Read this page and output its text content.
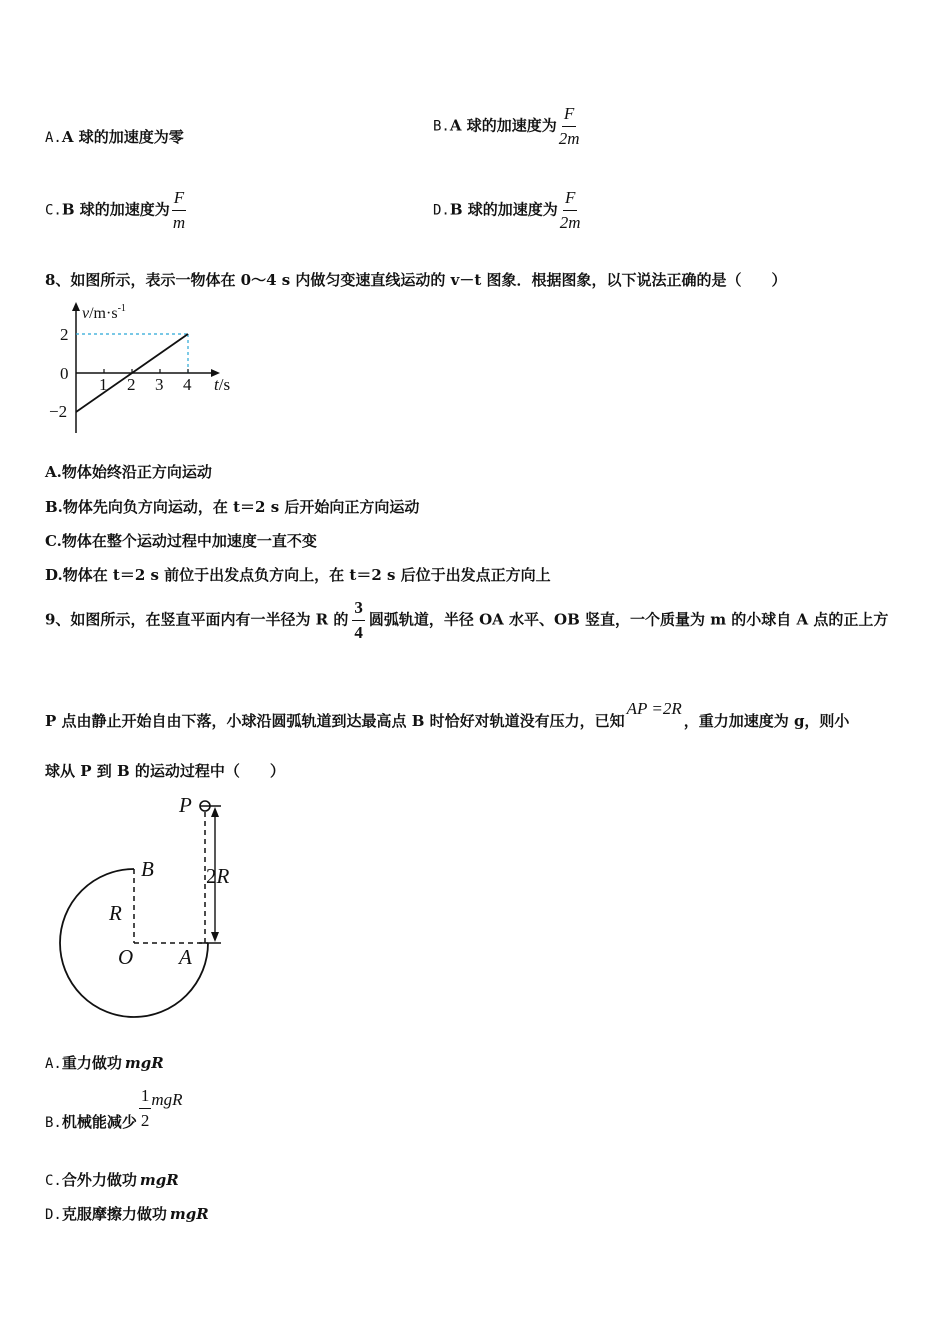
A.A 球的加速度为零
B.A 球的加速度为 $\frac{F}{2m}$
C.B 球的加速度为 $\frac{F}{m}$	D.B 球的加速度为 $\frac{F}{2m}$
8、如图所示，表示一物体在 0～4 s 内做匀变速直线运动的 v－t 图象．根据图象，以下说法正确的是（　　）
$v/m\cdot s^{-1}$
t/s
2
0
−2
1 2 3 4
A.物体始终沿正方向运动
B.物体先向负方向运动，在 t＝2 s 后开始向正方向运动
C.物体在整个运动过程中加速度一直不变
D.物体在 t＝2 s 前位于出发点负方向上，在 t＝2 s 后位于出发点正方向上
9、如图所示，在竖直平面内有一半径为 R 的 $\frac{3}{4}$ 圆弧轨道，半径 OA 水平、OB 竖直，一个质量为 m 的小球自 A 点的正上方
P 点由静止开始自由下落，小球沿圆弧轨道到达最高点 B 时恰好对轨道没有压力，已知AP =2R，重力加速度为 g，则小
球从 P 到 B 的运动过程中（　　）
P
B
R
O A
2R
A.重力做功 mgR
B.机械能减少 $\frac{1}{2}$ mgR
C.合外力做功 mgR
D.克服摩擦力做功 mgR
